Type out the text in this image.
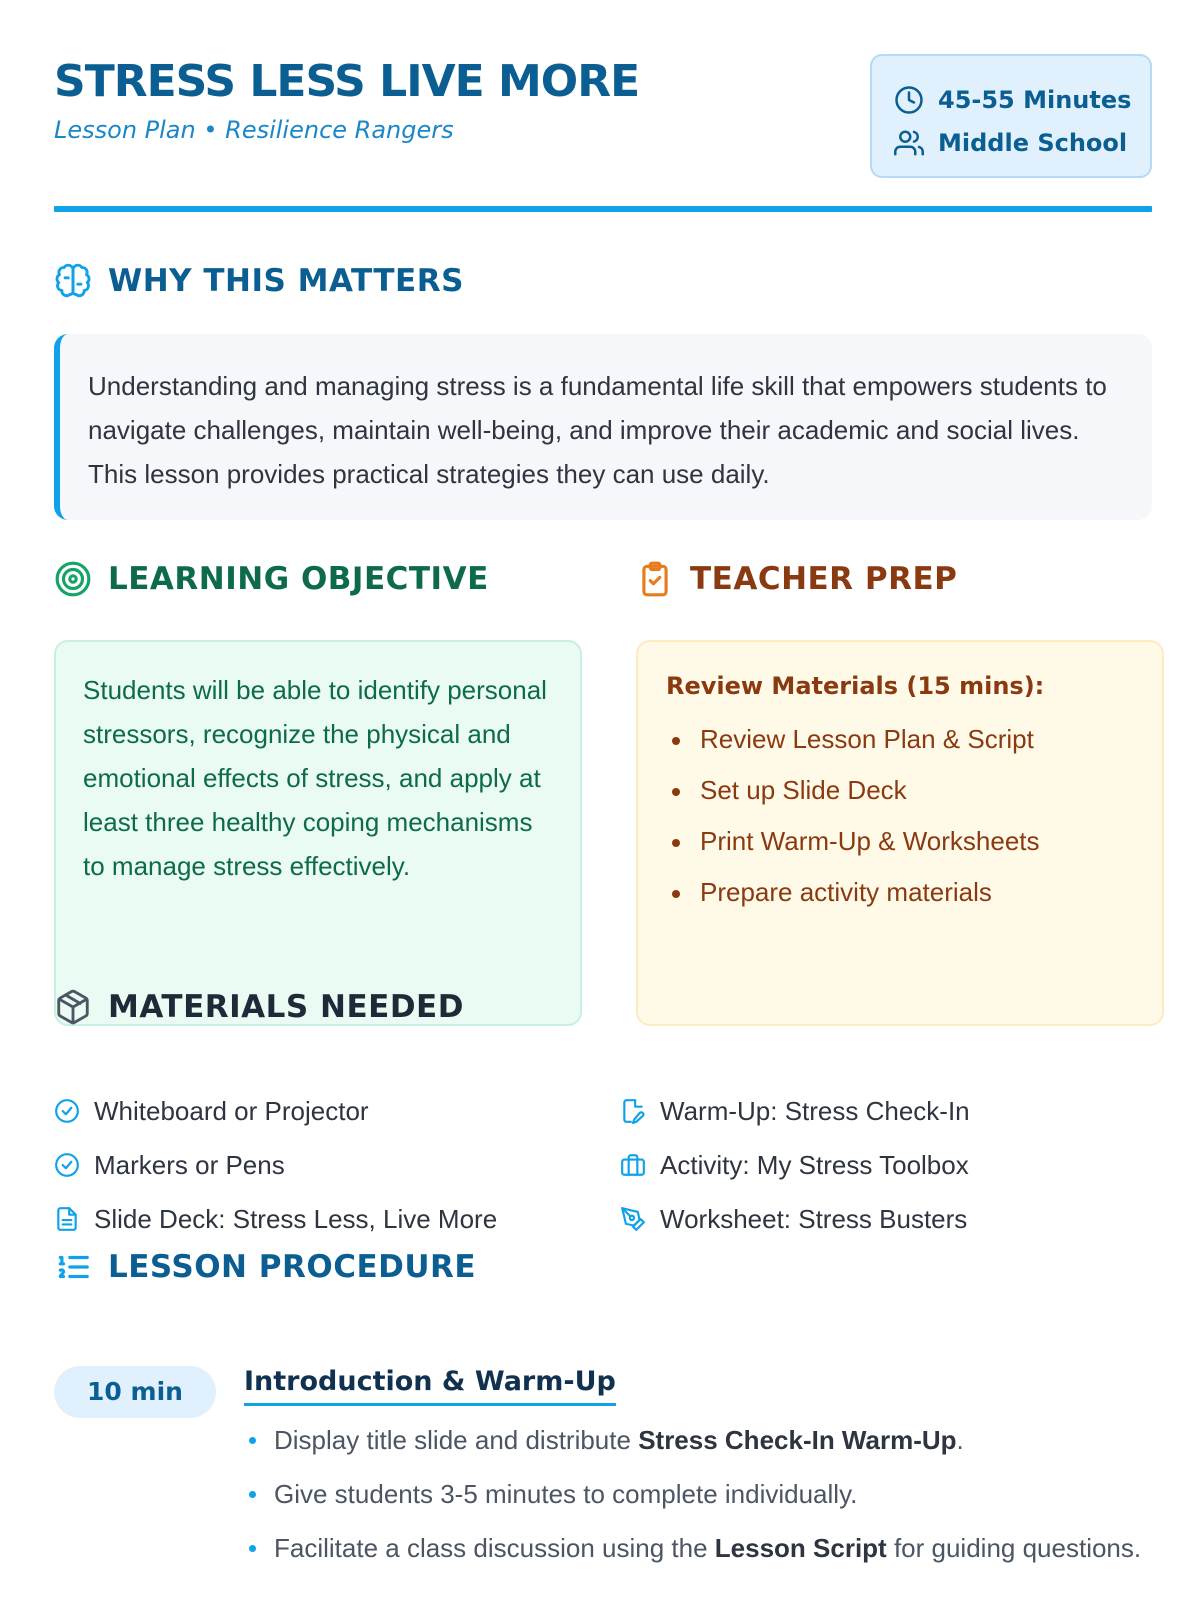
STRESS LESS LIVE MORE
Lesson Plan • Resilience Rangers
45-55 Minutes
Middle School
WHY THIS MATTERS
Understanding and managing stress is a fundamental life skill that empowers students to navigate challenges, maintain well-being, and improve their academic and social lives. This lesson provides practical strategies they can use daily.
LEARNING OBJECTIVE
Students will be able to identify personal stressors, recognize the physical and emotional effects of stress, and apply at least three healthy coping mechanisms to manage stress effectively.
TEACHER PREP
Review Materials (15 mins):
Review Lesson Plan & Script
Set up Slide Deck
Print Warm-Up & Worksheets
Prepare activity materials
MATERIALS NEEDED
Whiteboard or Projector
Markers or Pens
Slide Deck: Stress Less, Live More
Warm-Up: Stress Check-In
Activity: My Stress Toolbox
Worksheet: Stress Busters
LESSON PROCEDURE
10 min	Introduction & Warm-Up
Display title slide and distribute Stress Check-In Warm-Up.
Give students 3-5 minutes to complete individually.
Facilitate a class discussion using the Lesson Script for guiding questions.
